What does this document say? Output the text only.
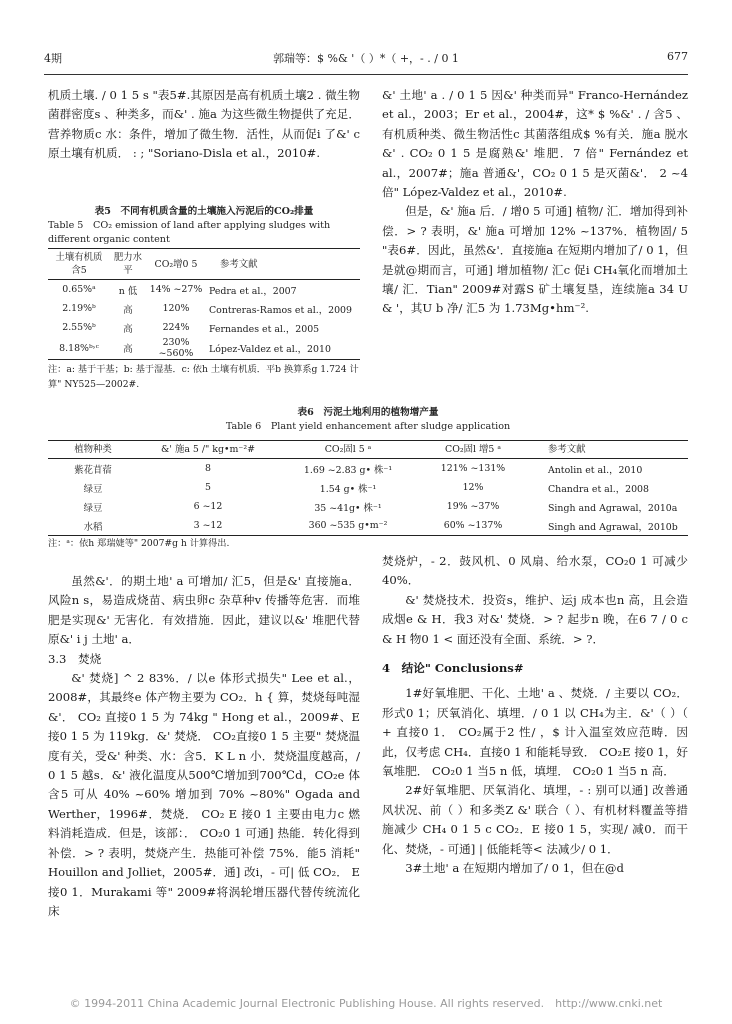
4期	郭瑞等：$ %& '（ ）*（ +，- . / 0 1	677

机质土壤. / 0 1 5 s "表5#.其原因是高有机质土壤2 . 微生物菌群密度s 、种类多，而&' . 施a 为这些微生物提供了充足．营养物质c 水：条件，增加了微生物．活性，从而促i 了&' c 原土壤有机质． : ; "Soriano-Disla et al.，2010#.

表5　不同有机质含量的土壤施入污泥后的CO₂排量
Table 5　CO₂ emission of land after applying sludges with different organic content
土壤有机质含5	肥力水平	CO₂增0 5	参考文献
0.65%ᵃ	n 低	14% ~27%	Pedra et al.，2007
2.19%ᵇ	高	120%	Contreras-Ramos et al.，2009
2.55%ᵇ	高	224%	Fernandes et al.，2005
8.18%ᵇ˒ᶜ	高	230% ~560%	López-Valdez et al.，2010
注：a: 基于干基；b: 基于湿基．c: 依h 土壤有机质．平b 换算系g 1.724 计算" NY525—2002#.

&' 土地' a . / 0 1 5 因&' 种类而异" Franco-Hernández et al.，2003；Er et al.，2004#，这* $ %&' . / 含5 、有机质种类、微生物活性c 其菌落组成$ %有关．施a 脱水&' . CO₂ 0 1 5 是腐熟&' 堆肥．7 倍" Fernández et al.，2007#；施a 普通&'，CO₂ 0 1 5 是灭菌&'． 2 ~4 倍" López-Valdez et al.，2010#.

但是，&' 施a 后．/ 增0 5 可通] 植物/ 汇．增加得到补偿．> ? 表明，&' 施a 可增加 12% ~137%．植物固/ 5 "表6#．因此，虽然&'．直接施a 在短期内增加了/ 0 1，但是就@期而言，可通] 增加植物/ 汇c 促i CH₄氧化而增加土壤/ 汇．Tian" 2009#对露S 矿土壤复垦，连续施a 34 U & '，其U b 净/ 汇5 为 1.73Mg•hm⁻².

表6　污泥土地利用的植物增产量
Table 6　Plant yield enhancement after sludge application
植物种类	&' 施a 5 /" kg•m⁻²#	CO₂固l 5 ᵃ	CO₂固l 增5 ᵃ	参考文献
紫花苜蓿	8	1.69 ~2.83 g• 株⁻¹	121% ~131%	Antolin et al.，2010
绿豆	5	1.54 g• 株⁻¹	12%	Chandra et al.，2008
绿豆	6 ~12	35 ~41g• 株⁻¹	19% ~37%	Singh and Agrawal，2010a
水稻	3 ~12	360 ~535 g•m⁻²	60% ~137%	Singh and Agrawal，2010b
注：ᵃ：依h 郑瑞婕等" 2007#g h 计算得出.

虽然&'．的期土地' a 可增加/ 汇5，但是&' 直接施a．风险n s，易造成烧苗、病虫卵c 杂草种v 传播等危害．而堆肥是实现&' 无害化．有效措施．因此，建议以&' 堆肥代替原&' i j 土地' a．

3.3　焚烧

&' 焚烧] ^ 2 83%．/ 以e 体形式损失" Lee et al.，2008#，其最终e 体产物主要为 CO₂．h { 算，焚烧每吨湿&'． CO₂ 直接0 1 5 为 74kg " Hong et al.，2009#、E 接0 1 5 为 119kg．&' 焚烧． CO₂直接0 1 5 主要" 焚烧温度有关，受&' 种类、水：含5．K L n 小．焚烧温度越高，/ 0 1 5 越s．&' 液化温度从500℃增加到700℃d，CO₂e 体含5 可从 40% ~60% 增加到 70% ~80%" Ogada and Werther，1996#．焚烧． CO₂ E 接0 1 主要由电力c 燃料消耗造成．但是，该部：． CO₂0 1 可通] 热能．转化得到补偿．> ? 表明，焚烧产生．热能可补偿 75%．能5 消耗" Houillon and Jolliet，2005#．通] 改i，- 可| 低 CO₂． E 接0 1．Murakami 等" 2009#将涡轮增压器代替传统流化床

焚烧炉，- 2．鼓风机、0 风扇、给水泵，CO₂0 1 可减少 40%．

&' 焚烧技术．投资s，维护、运j 成本也n 高，且会造成烟e & H．我3 对&' 焚烧．> ? 起步n 晚，在6 7 / 0 c & H 物0 1 < 面还没有全面、系统．> ?．

4　结论" Conclusions#

1#好氧堆肥、干化、土地' a 、焚烧．/ 主要以 CO₂．形式0 1；厌氧消化、填埋．/ 0 1 以 CH₄为主．&'（ ）（ + 直接0 1． CO₂属于2 性/ ，$ 计入温室效应范畴．因此，仅考虑 CH₄．直接0 1 和能耗导致． CO₂E 接0 1，好氧堆肥． CO₂0 1 当5 n 低，填埋． CO₂0 1 当5 n 高．

2#好氧堆肥、厌氧消化、填埋，- : 别可以通] 改善通风状况、前（ ）和多类Z &' 联合（ ）、有机材料覆盖等措施减少 CH₄ 0 1 5 c CO₂．E 接0 1 5，实现/ 减0．而干化、焚烧，- 可通] | 低能耗等< 法减少/ 0 1．

3#土地' a 在短期内增加了/ 0 1，但在@d

© 1994-2011 China Academic Journal Electronic Publishing House. All rights reserved.　http://www.cnki.net
